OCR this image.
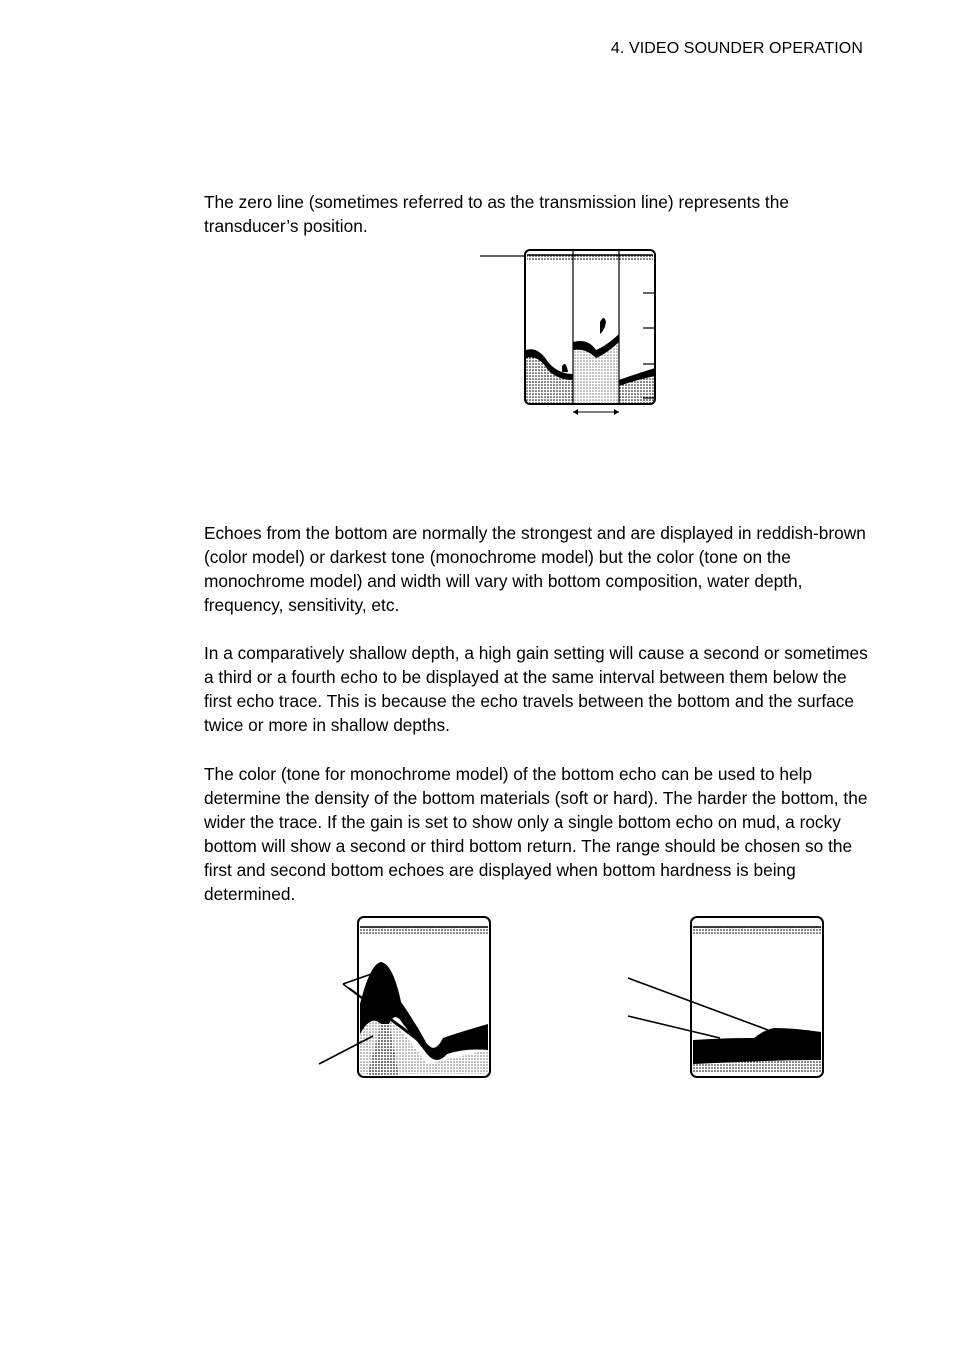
4. VIDEO SOUNDER OPERATION

The zero line (sometimes referred to as the transmission line) represents the transducer’s position.

Echoes from the bottom are normally the strongest and are displayed in reddish-brown (color model) or darkest tone (monochrome model) but the color (tone on the monochrome model) and width will vary with bottom composition, water depth, frequency, sensitivity, etc.

In a comparatively shallow depth, a high gain setting will cause a second or sometimes a third or a fourth echo to be displayed at the same interval between them below the first echo trace. This is because the echo travels between the bottom and the surface twice or more in shallow depths.

The color (tone for monochrome model) of the bottom echo can be used to help determine the density of the bottom materials (soft or hard). The harder the bottom, the wider the trace. If the gain is set to show only a single bottom echo on mud, a rocky bottom will show a second or third bottom return. The range should be chosen so the first and second bottom echoes are displayed when bottom hardness is being determined.
